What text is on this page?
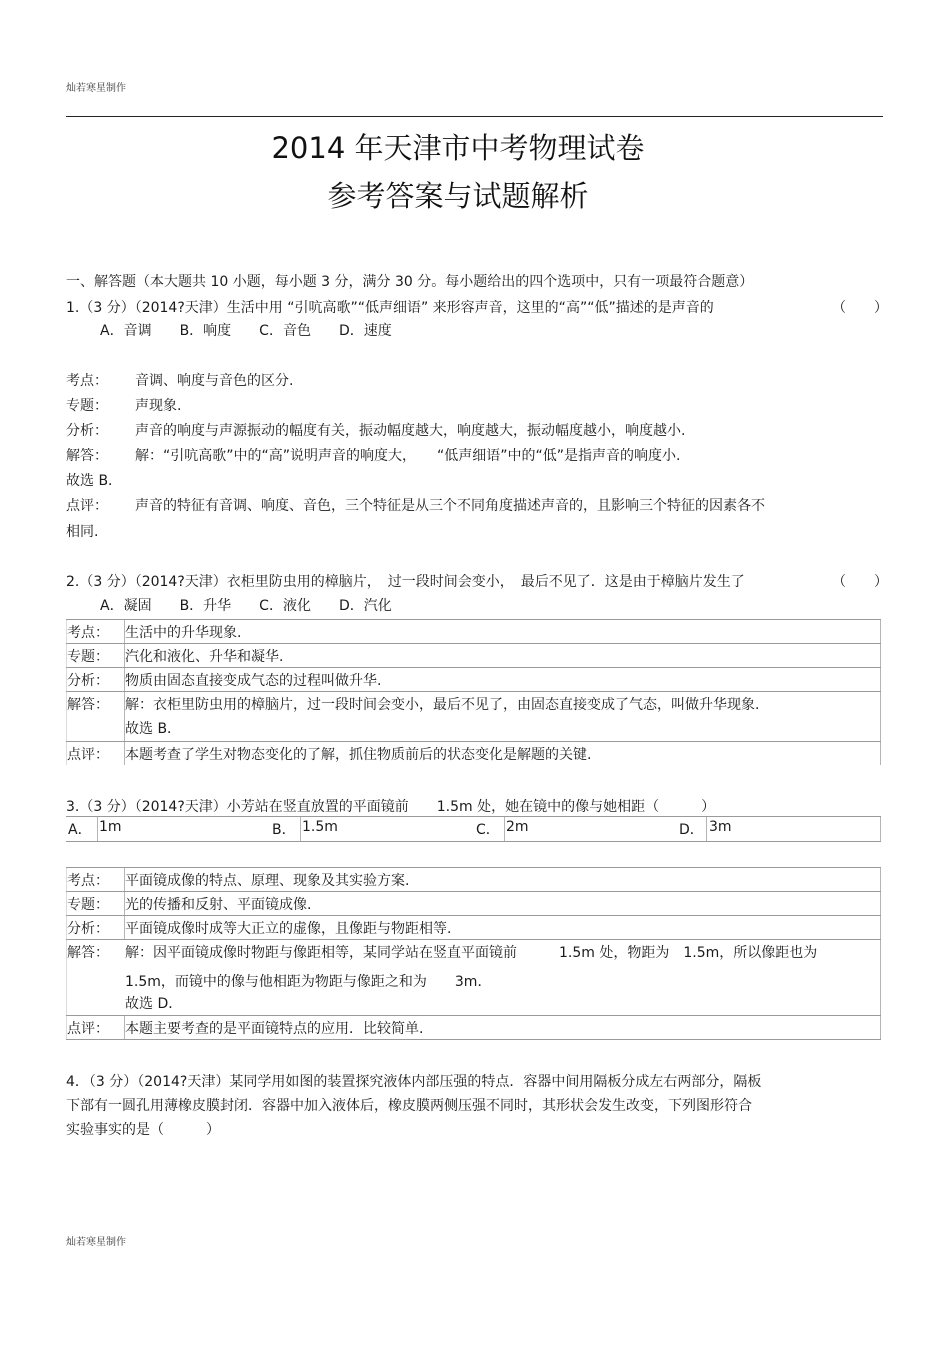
灿若寒星制作
2014 年天津市中考物理试卷
参考答案与试题解析
一、解答题（本大题共 10 小题，每小题 3 分，满分 30 分。每小题给出的四个选项中，只有一项最符合题意）
1.（3 分）（2014?天津）生活中用 “引吭高歌”“低声细语” 来形容声音，这里的“高”“低”描述的是声音的	（　　）
A．音调　　B．响度　　C．音色　　D．速度
考点： 音调、响度与音色的区分.
专题： 声现象.
分析： 声音的响度与声源振动的幅度有关，振动幅度越大，响度越大，振动幅度越小，响度越小.
解答： 解：“引吭高歌”中的“高”说明声音的响度大，　　“低声细语”中的“低”是指声音的响度小.
故选 B．
点评： 声音的特征有音调、响度、音色，三个特征是从三个不同角度描述声音的，且影响三个特征的因素各不
相同.
2.（3 分）（2014?天津）衣柜里防虫用的樟脑片，　过一段时间会变小，　最后不见了．这是由于樟脑片发生了	（　　）
A．凝固　　B．升华　　C．液化　　D．汽化
考点： 生活中的升华现象.
专题： 汽化和液化、升华和凝华.
分析： 物质由固态直接变成气态的过程叫做升华.
解答： 解：衣柜里防虫用的樟脑片，过一段时间会变小，最后不见了，由固态直接变成了气态，叫做升华现象.
故选 B．
点评： 本题考查了学生对物态变化的了解，抓住物质前后的状态变化是解题的关键.
3.（3 分）（2014?天津）小芳站在竖直放置的平面镜前　　1.5m 处，她在镜中的像与她相距（　　　）
A． 1m	B． 1.5m	C． 2m	D． 3m
考点： 平面镜成像的特点、原理、现象及其实验方案.
专题： 光的传播和反射、平面镜成像.
分析： 平面镜成像时成等大正立的虚像，且像距与物距相等.
解答： 解：因平面镜成像时物距与像距相等，某同学站在竖直平面镜前　　　1.5m 处，物距为　1.5m，所以像距也为
1.5m，而镜中的像与他相距为物距与像距之和为　　3m．
故选 D．
点评： 本题主要考查的是平面镜特点的应用．比较简单.
4．（3 分）（2014?天津）某同学用如图的装置探究液体内部压强的特点．容器中间用隔板分成左右两部分，隔板
下部有一圆孔用薄橡皮膜封闭．容器中加入液体后，橡皮膜两侧压强不同时，其形状会发生改变，下列图形符合
实验事实的是（　　　）
灿若寒星制作
